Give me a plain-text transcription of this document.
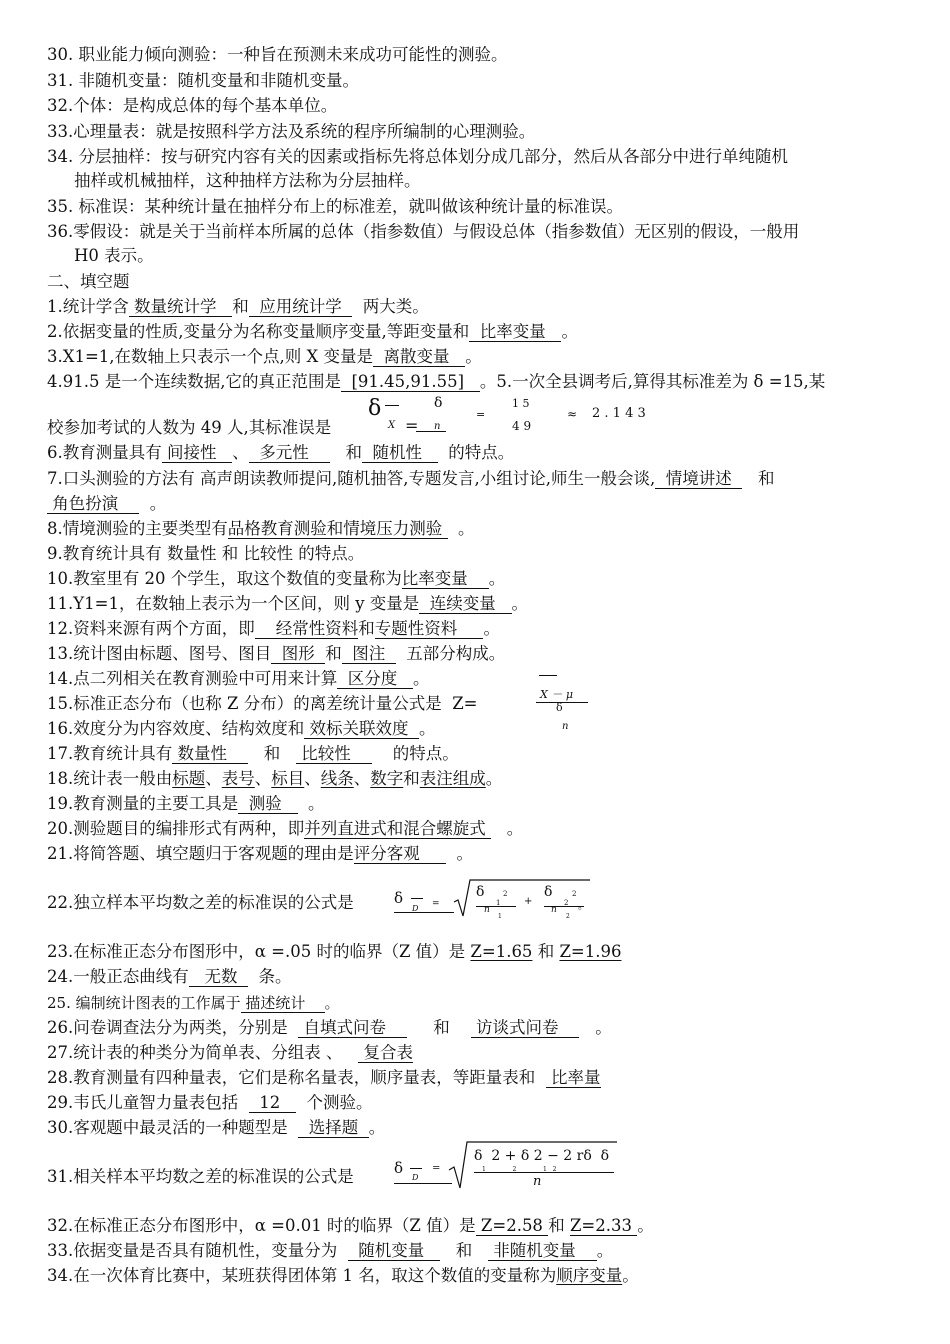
30. 职业能力倾向测验：一种旨在预测未来成功可能性的测验。
31. 非随机变量：随机变量和非随机变量。
32.个体：是构成总体的每个基本单位。
33.心理量表：就是按照科学方法及系统的程序所编制的心理测验。
34. 分层抽样：按与研究内容有关的因素或指标先将总体划分成几部分，然后从各部分中进行单纯随机
抽样或机械抽样，这种抽样方法称为分层抽样。
35. 标准误：某种统计量在抽样分布上的标准差，就叫做该种统计量的标准误。
36.零假设：就是关于当前样本所属的总体（指参数值）与假设总体（指参数值）无区别的假设，一般用
H0 表示。
二、填空题
1.统计学含 数量统计学 和 应用统计学 两大类。
2.依据变量的性质,变量分为名称变量顺序变量,等距变量和 比率变量 。
3.X1=1,在数轴上只表示一个点,则 X 变量是 离散变量 。
4.91.5 是一个连续数据,它的真正范围是 [91.45,91.55] 。5.一次全县调考后,算得其标准差为 δ =15,某
校参加考试的人数为 49 人,其标准误是
δ
X =
δ
n
=
1 5
4 9
≈ 2 . 1 4 3
6.教育测量具有 间接性 、 多元性 和 随机性 的特点。
7.口头测验的方法有 高声朗读教师提问,随机抽答,专题发言,小组讨论,师生一般会谈, 情境讲述 和
角色扮演 。
8.情境测验的主要类型有品格教育测验和情境压力测验 。
9.教育统计具有 数量性 和 比较性 的特点。
10.教室里有 20 个学生，取这个数值的变量称为比率变量 。
11.Y1=1，在数轴上表示为一个区间，则 y 变量是 连续变量 。
12.资料来源有两个方面，即 经常性资料和专题性资料 。
13.统计图由标题、图号、图目 图形 和 图注 五部分构成。
14.点二列相关在教育测验中可用来计算 区分度 。
15.标准正态分布（也称 Z 分布）的离差统计量公式是 Z=	X － μ
δ
n
16.效度分为内容效度、结构效度和 效标关联效度 。
17.教育统计具有 数量性 和 比较性	的特点。
18.统计表一般由标题、表号、标目、线条、数字和表注组成。
19.教育测量的主要工具是 测验 。
20.测验题目的编排形式有两种，即并列直进式和混合螺旋式 。
21.将简答题、填空题归于客观题的理由是评分客观 。
22.独立样本平均数之差的标准误的公式是	δ
D =
δ	2
1
n
1
+
δ	2
2
n
2
。
23.在标准正态分布图形中，α =.05 时的临界（Z 值）是 Z=1.65 和 Z=1.96
24.一般正态曲线有 无数 条。
25. 编制统计图表的工作属于 描述统计 。
26.问卷调查法分为两类，分别是 自填式问卷	和 访谈式问卷 。
27.统计表的种类分为简单表、分组表 、 复合表
28.教育测量有四种量表，它们是称名量表，顺序量表，等距量表和 比率量
29.韦氏儿童智力量表包括 12 个测验。
30.客观题中最灵活的一种题型是 选择题 。
31.相关样本平均数之差的标准误的公式是	δ
D
=
δ  2 + δ 2 − 2 rδ  δ
1              2              1   2
n
32.在标准正态分布图形中，α =0.01 时的临界（Z 值）是 Z=2.58 和 Z=2.33 。
33.依据变量是否具有随机性，变量分为 随机变量 和 非随机变量 。
34.在一次体育比赛中，某班获得团体第 1 名，取这个数值的变量称为顺序变量。
